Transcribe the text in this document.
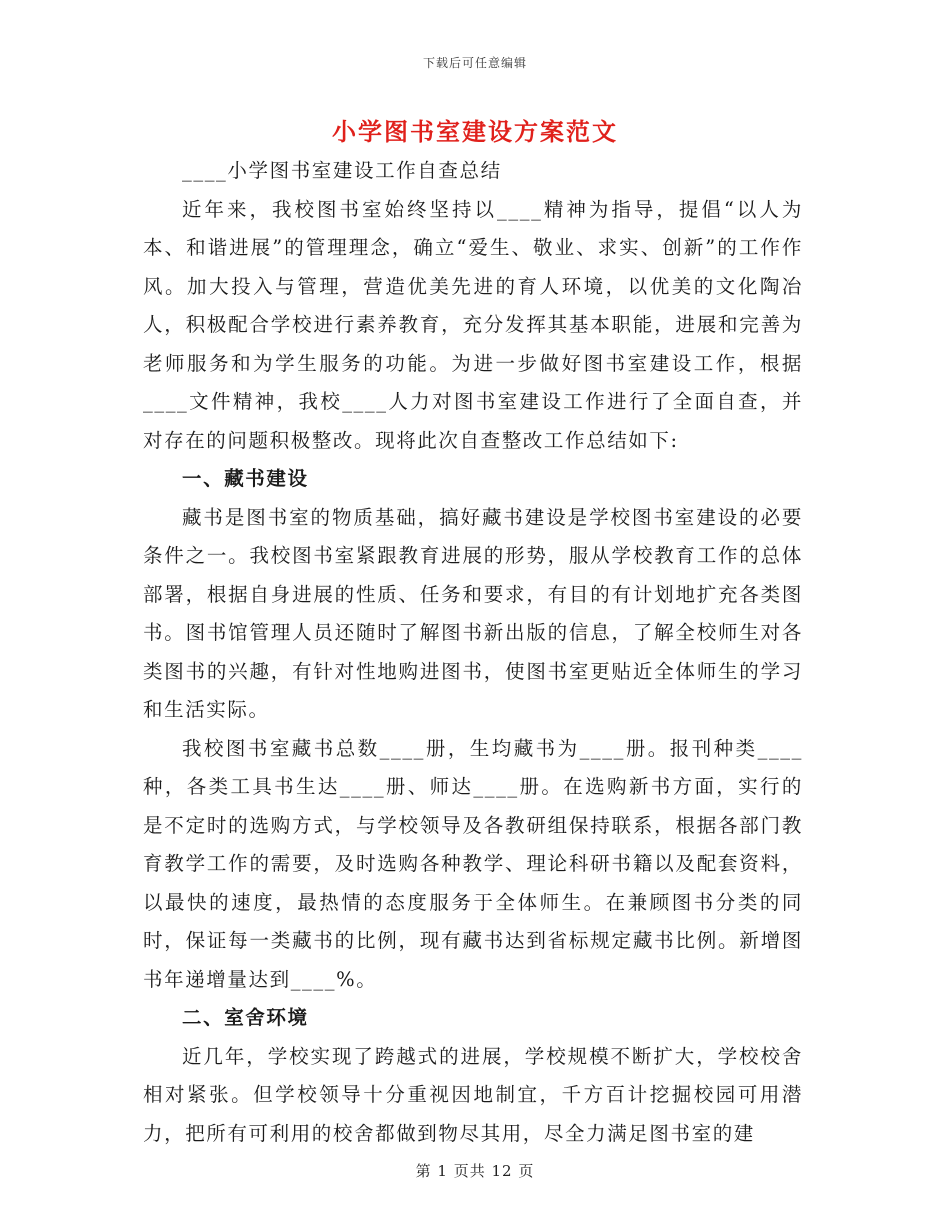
下载后可任意编辑
小学图书室建设方案范文

____小学图书室建设工作自查总结

近年来，我校图书室始终坚持以____精神为指导，提倡“以人为本、和谐进展”的管理理念，确立“爱生、敬业、求实、创新”的工作作风。加大投入与管理，营造优美先进的育人环境，以优美的文化陶冶人，积极配合学校进行素养教育，充分发挥其基本职能，进展和完善为老师服务和为学生服务的功能。为进一步做好图书室建设工作，根据____文件精神，我校____人力对图书室建设工作进行了全面自查，并对存在的问题积极整改。现将此次自查整改工作总结如下:

一、藏书建设

藏书是图书室的物质基础，搞好藏书建设是学校图书室建设的必要条件之一。我校图书室紧跟教育进展的形势，服从学校教育工作的总体部署，根据自身进展的性质、任务和要求，有目的有计划地扩充各类图书。图书馆管理人员还随时了解图书新出版的信息，了解全校师生对各类图书的兴趣，有针对性地购进图书，使图书室更贴近全体师生的学习和生活实际。

我校图书室藏书总数____册，生均藏书为____册。报刊种类____种，各类工具书生达____册、师达____册。在选购新书方面，实行的是不定时的选购方式，与学校领导及各教研组保持联系，根据各部门教育教学工作的需要，及时选购各种教学、理论科研书籍以及配套资料，以最快的速度，最热情的态度服务于全体师生。在兼顾图书分类的同时，保证每一类藏书的比例，现有藏书达到省标规定藏书比例。新增图书年递增量达到____%。

二、室舍环境

近几年，学校实现了跨越式的进展，学校规模不断扩大，学校校舍相对紧张。但学校领导十分重视因地制宜，千方百计挖掘校园可用潜力，把所有可利用的校舍都做到物尽其用，尽全力满足图书室的建

第 1 页共 12 页
